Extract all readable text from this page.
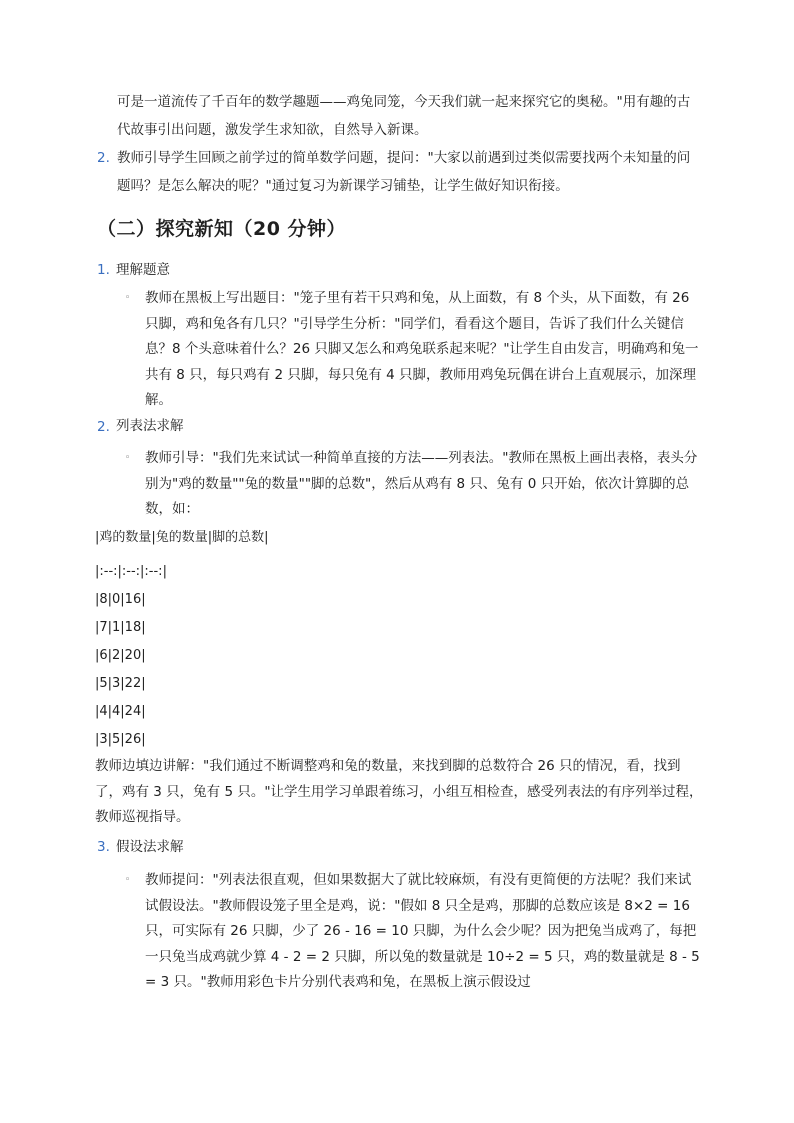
可是一道流传了千百年的数学趣题——鸡兔同笼，今天我们就一起来探究它的奥秘。"用有趣的古代故事引出问题，激发学生求知欲，自然导入新课。
2. 教师引导学生回顾之前学过的简单数学问题，提问："大家以前遇到过类似需要找两个未知量的问题吗？是怎么解决的呢？"通过复习为新课学习铺垫，让学生做好知识衔接。
（二）探究新知（20 分钟）
1. 理解题意
◦ 教师在黑板上写出题目："笼子里有若干只鸡和兔，从上面数，有 8 个头，从下面数，有 26 只脚，鸡和兔各有几只？"引导学生分析："同学们，看看这个题目，告诉了我们什么关键信息？8 个头意味着什么？26 只脚又怎么和鸡兔联系起来呢？"让学生自由发言，明确鸡和兔一共有 8 只，每只鸡有 2 只脚，每只兔有 4 只脚，教师用鸡兔玩偶在讲台上直观展示，加深理解。
2. 列表法求解
◦ 教师引导："我们先来试试一种简单直接的方法——列表法。"教师在黑板上画出表格，表头分别为"鸡的数量""兔的数量""脚的总数"，然后从鸡有 8 只、兔有 0 只开始，依次计算脚的总数，如：
|鸡的数量|兔的数量|脚的总数|
|:--:|:--:|:--:|
|8|0|16|
|7|1|18|
|6|2|20|
|5|3|22|
|4|4|24|
|3|5|26|
教师边填边讲解："我们通过不断调整鸡和兔的数量，来找到脚的总数符合 26 只的情况，看，找到了，鸡有 3 只，兔有 5 只。"让学生用学习单跟着练习，小组互相检查，感受列表法的有序列举过程，教师巡视指导。
3. 假设法求解
◦ 教师提问："列表法很直观，但如果数据大了就比较麻烦，有没有更简便的方法呢？我们来试试假设法。"教师假设笼子里全是鸡，说："假如 8 只全是鸡，那脚的总数应该是 8×2 = 16 只，可实际有 26 只脚，少了 26 - 16 = 10 只脚，为什么会少呢？因为把兔当成鸡了，每把一只兔当成鸡就少算 4 - 2 = 2 只脚，所以兔的数量就是 10÷2 = 5 只，鸡的数量就是 8 - 5 = 3 只。"教师用彩色卡片分别代表鸡和兔，在黑板上演示假设过
